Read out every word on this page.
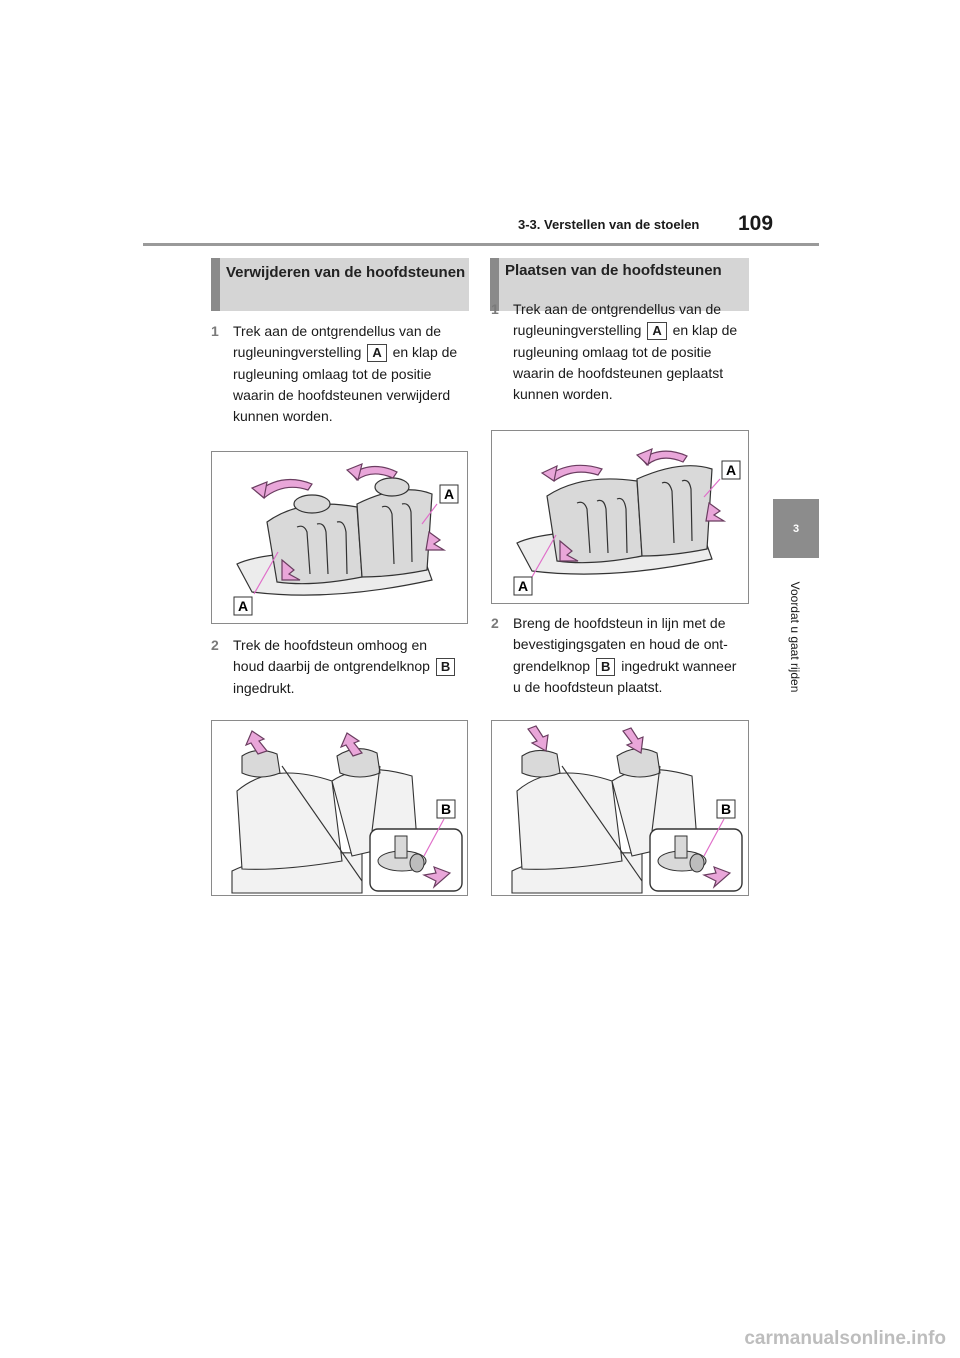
3-3. Verstellen van de stoelen 109
3
Voordat u gaat rijden
Verwijderen van de hoofdsteunen
1 Trek aan de ontgrendellus van de
rugleuningverstelling A en klap de
rugleuning omlaag tot de positie
waarin de hoofdsteunen verwijderd
kunnen worden.
A
A
2 Trek de hoofdsteun omhoog en
houd daarbij de ontgrendelknop B ingedrukt.
B
Plaatsen van de hoofdsteunen
1 Trek aan de ontgrendellus van de
rugleuningverstelling A en klap de
rugleuning omlaag tot de positie
waarin de hoofdsteunen geplaatst
kunnen worden.
A
A
2 Breng de hoofdsteun in lijn met de
bevestigingsgaten en houd de ont-
grendelknop B ingedrukt wanneer
u de hoofdsteun plaatst.
B
carmanualsonline.info
